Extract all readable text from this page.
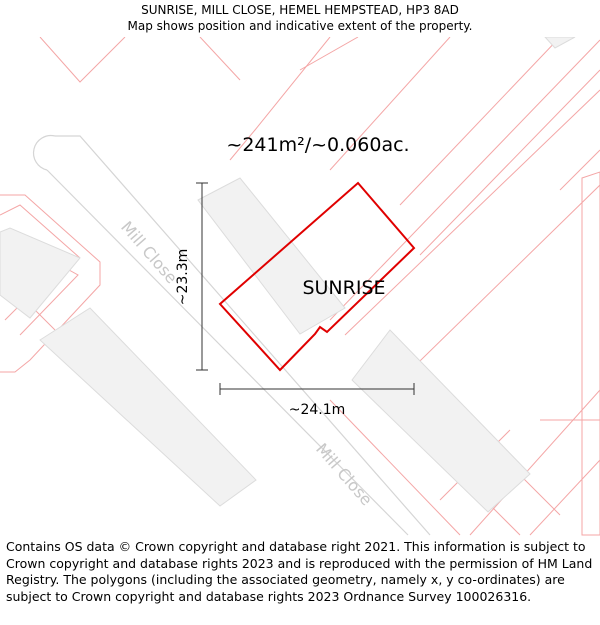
SUNRISE, MILL CLOSE, HEMEL HEMPSTEAD, HP3 8AD
Map shows position and indicative extent of the property.
~241m²/~0.060ac.
SUNRISE
Mill Close
Mill Close
~23.3m
~24.1m
Contains OS data © Crown copyright and database right 2021. This information is subject to Crown copyright and database rights 2023 and is reproduced with the permission of HM Land Registry. The polygons (including the associated geometry, namely x, y co-ordinates) are subject to Crown copyright and database rights 2023 Ordnance Survey 100026316.
